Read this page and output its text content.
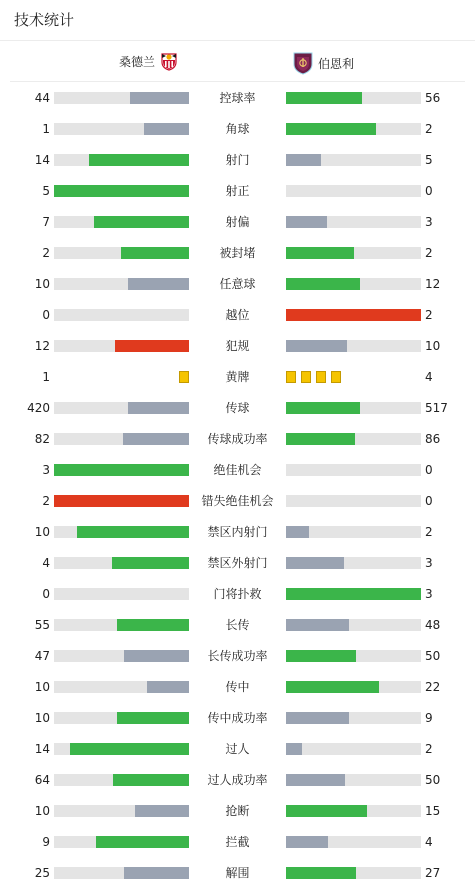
技术统计
桑德兰	伯恩利
44	控球率	56
1	角球	2
14	射门	5
5	射正	0
7	射偏	3
2	被封堵	2
10	任意球	12
0	越位	2
12	犯规	10
1	黄牌	4
420	传球	517
82	传球成功率	86
3	绝佳机会	0
2	错失绝佳机会	0
10	禁区内射门	2
4	禁区外射门	3
0	门将扑救	3
55	长传	48
47	长传成功率	50
10	传中	22
10	传中成功率	9
14	过人	2
64	过人成功率	50
10	抢断	15
9	拦截	4
25	解围	27
